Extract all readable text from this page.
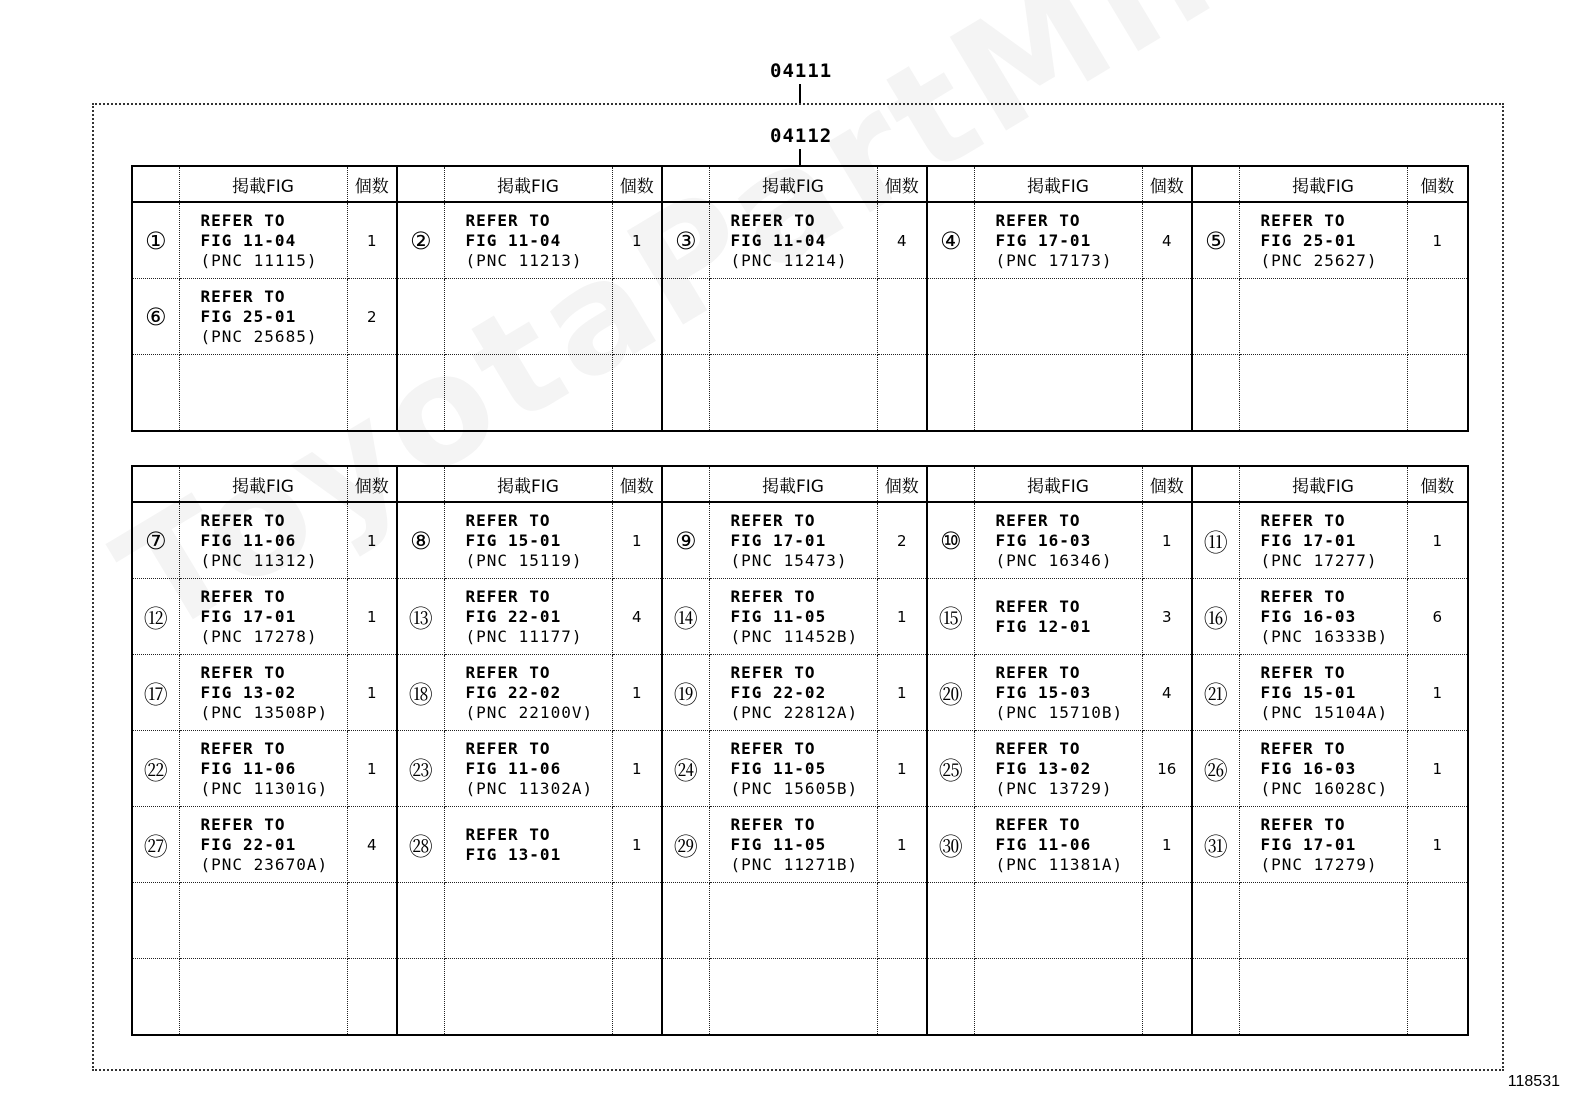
04111
04112
	掲載FIG	個数		掲載FIG	個数		掲載FIG	個数		掲載FIG	個数		掲載FIG	個数
①	REFER TO
FIG 11-04
(PNC 11115)	1	②	REFER TO
FIG 11-04
(PNC 11213)	1	③	REFER TO
FIG 11-04
(PNC 11214)	4	④	REFER TO
FIG 17-01
(PNC 17173)	4	⑤	REFER TO
FIG 25-01
(PNC 25627)	1
⑥	REFER TO
FIG 25-01
(PNC 25685)	2												

	掲載FIG	個数		掲載FIG	個数		掲載FIG	個数		掲載FIG	個数		掲載FIG	個数
⑦	REFER TO
FIG 11-06
(PNC 11312)	1	⑧	REFER TO
FIG 15-01
(PNC 15119)	1	⑨	REFER TO
FIG 17-01
(PNC 15473)	2	⑩	REFER TO
FIG 16-03
(PNC 16346)	1	⑪	REFER TO
FIG 17-01
(PNC 17277)	1
⑫	REFER TO
FIG 17-01
(PNC 17278)	1	⑬	REFER TO
FIG 22-01
(PNC 11177)	4	⑭	REFER TO
FIG 11-05
(PNC 11452B)	1	⑮	REFER TO
FIG 12-01	3	⑯	REFER TO
FIG 16-03
(PNC 16333B)	6
⑰	REFER TO
FIG 13-02
(PNC 13508P)	1	⑱	REFER TO
FIG 22-02
(PNC 22100V)	1	⑲	REFER TO
FIG 22-02
(PNC 22812A)	1	⑳	REFER TO
FIG 15-03
(PNC 15710B)	4	㉑	REFER TO
FIG 15-01
(PNC 15104A)	1
㉒	REFER TO
FIG 11-06
(PNC 11301G)	1	㉓	REFER TO
FIG 11-06
(PNC 11302A)	1	㉔	REFER TO
FIG 11-05
(PNC 15605B)	1	㉕	REFER TO
FIG 13-02
(PNC 13729)	16	㉖	REFER TO
FIG 16-03
(PNC 16028C)	1
㉗	REFER TO
FIG 22-01
(PNC 23670A)	4	㉘	REFER TO
FIG 13-01	1	㉙	REFER TO
FIG 11-05
(PNC 11271B)	1	㉚	REFER TO
FIG 11-06
(PNC 11381A)	1	㉛	REFER TO
FIG 17-01
(PNC 17279)	1

118531
